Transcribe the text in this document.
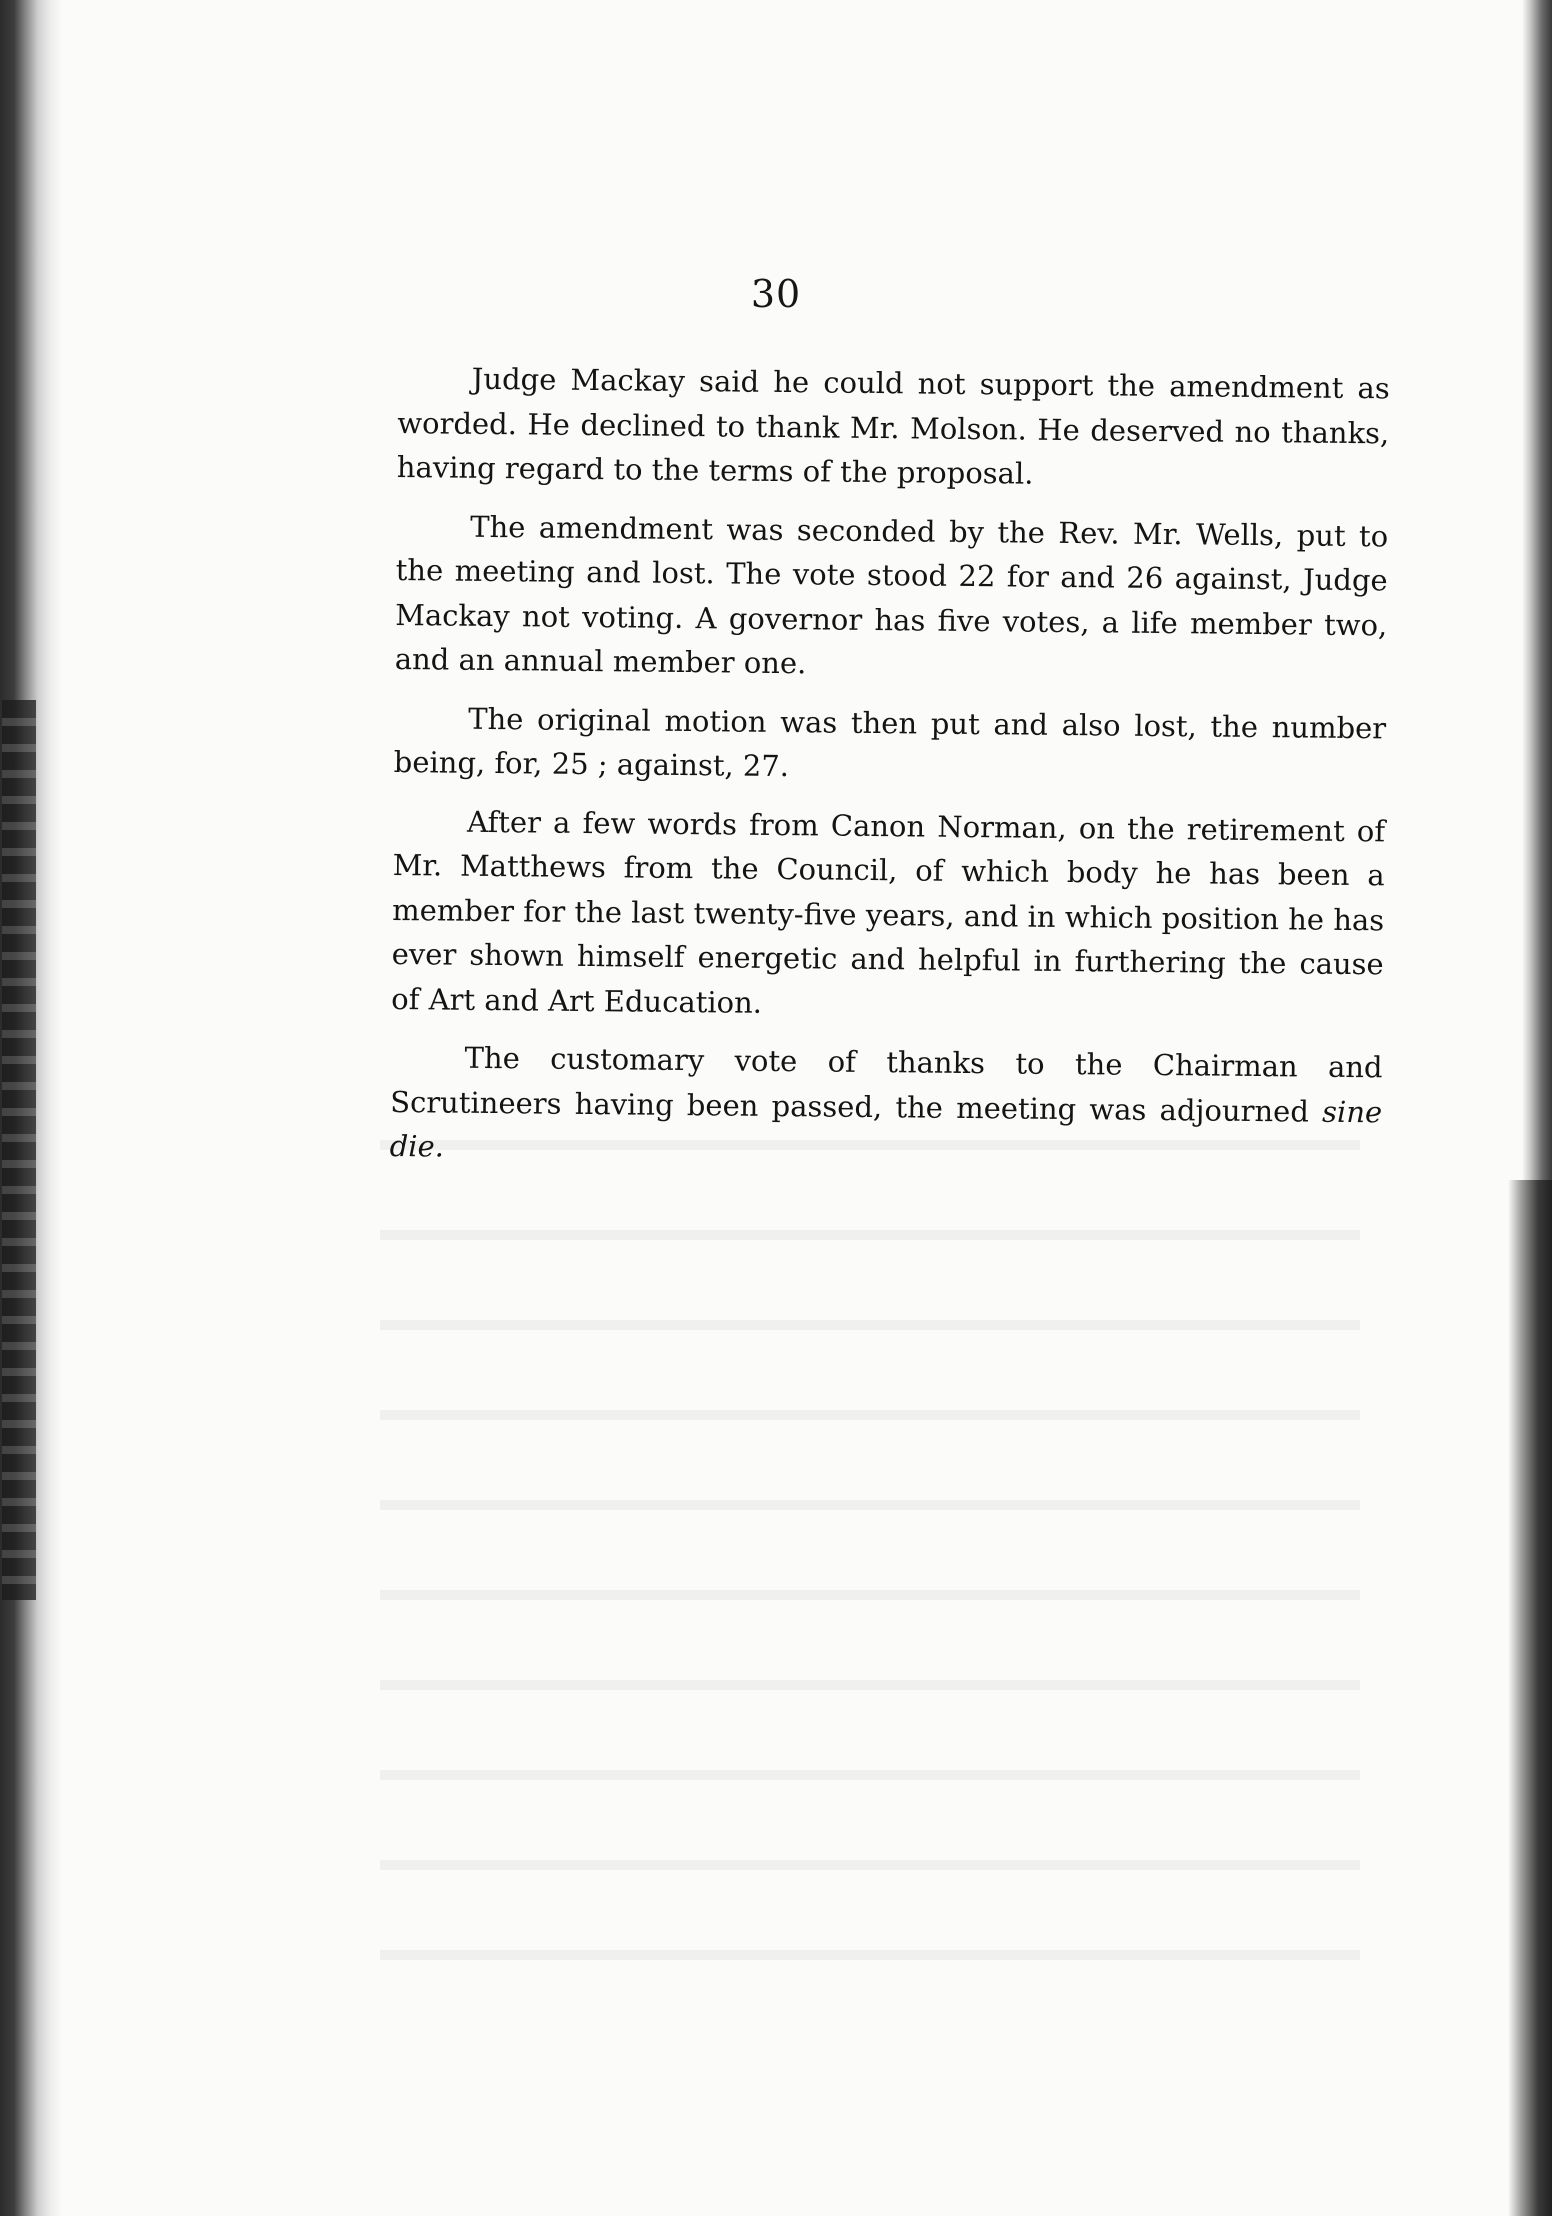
30

Judge Mackay said he could not support the amendment as worded. He declined to thank Mr. Molson. He deserved no thanks, having regard to the terms of the proposal.

The amendment was seconded by the Rev. Mr. Wells, put to the meeting and lost. The vote stood 22 for and 26 against, Judge Mackay not voting. A governor has five votes, a life member two, and an annual member one.

The original motion was then put and also lost, the number being, for, 25 ; against, 27.

After a few words from Canon Norman, on the retirement of Mr. Matthews from the Council, of which body he has been a member for the last twenty-five years, and in which position he has ever shown himself energetic and helpful in furthering the cause of Art and Art Education.

The customary vote of thanks to the Chairman and Scrutineers having been passed, the meeting was adjourned sine die.
